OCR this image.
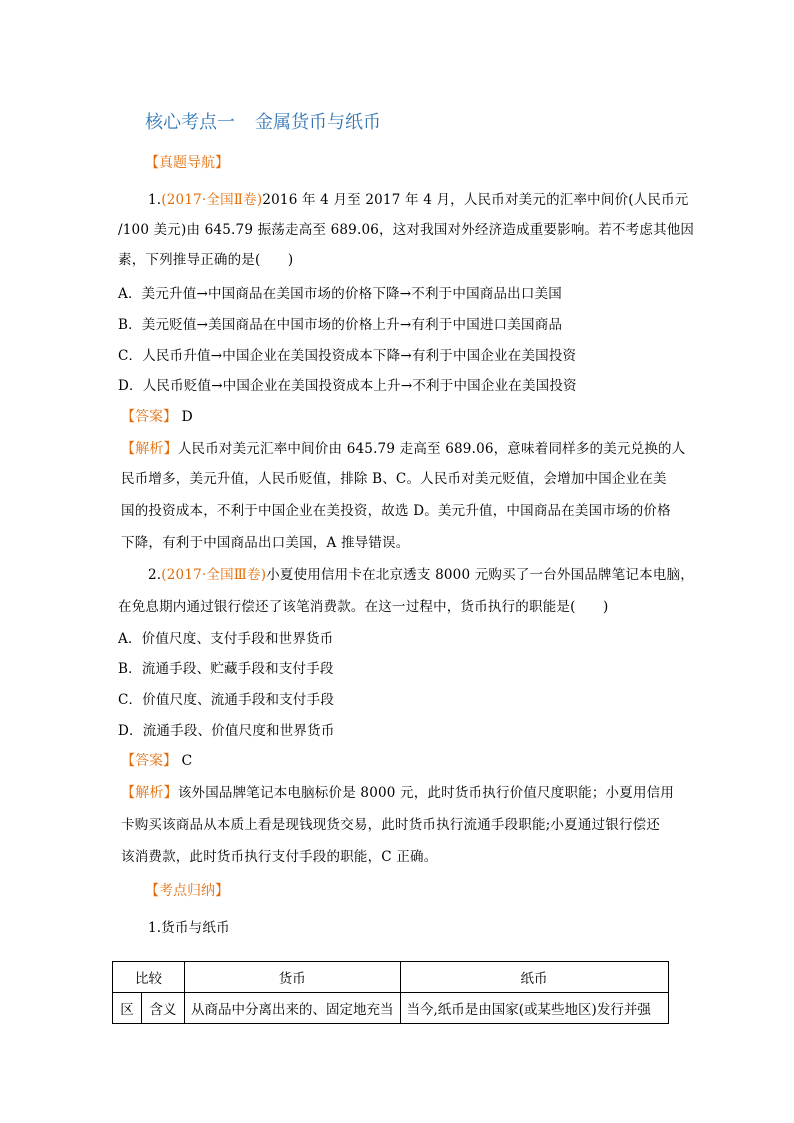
核心考点一 金属货币与纸币
【真题导航】
1.(2017·全国Ⅱ卷)2016 年 4 月至 2017 年 4 月，人民币对美元的汇率中间价(人民币元
/100 美元)由 645.79 振荡走高至 689.06，这对我国对外经济造成重要影响。若不考虑其他因
素，下列推导正确的是(　　)
A．美元升值→中国商品在美国市场的价格下降→不利于中国商品出口美国
B．美元贬值→美国商品在中国市场的价格上升→有利于中国进口美国商品
C．人民币升值→中国企业在美国投资成本下降→有利于中国企业在美国投资
D．人民币贬值→中国企业在美国投资成本上升→不利于中国企业在美国投资
【答案】 D
【解析】人民币对美元汇率中间价由 645.79 走高至 689.06，意味着同样多的美元兑换的人
民币增多，美元升值，人民币贬值，排除 B、C。人民币对美元贬值，会增加中国企业在美
国的投资成本，不利于中国企业在美投资，故选 D。美元升值，中国商品在美国市场的价格
下降，有利于中国商品出口美国，A 推导错误。
2.(2017·全国Ⅲ卷)小夏使用信用卡在北京透支 8000 元购买了一台外国品牌笔记本电脑，
在免息期内通过银行偿还了该笔消费款。在这一过程中，货币执行的职能是(　　)
A．价值尺度、支付手段和世界货币
B．流通手段、贮藏手段和支付手段
C．价值尺度、流通手段和支付手段
D．流通手段、价值尺度和世界货币
【答案】 C
【解析】该外国品牌笔记本电脑标价是 8000 元，此时货币执行价值尺度职能；小夏用信用
卡购买该商品从本质上看是现钱现货交易，此时货币执行流通手段职能;小夏通过银行偿还
该消费款，此时货币执行支付手段的职能，C 正确。
【考点归纳】
1.货币与纸币
比较		货币	纸币
区	含义	从商品中分离出来的、固定地充当	当今,纸币是由国家(或某些地区)发行并强
